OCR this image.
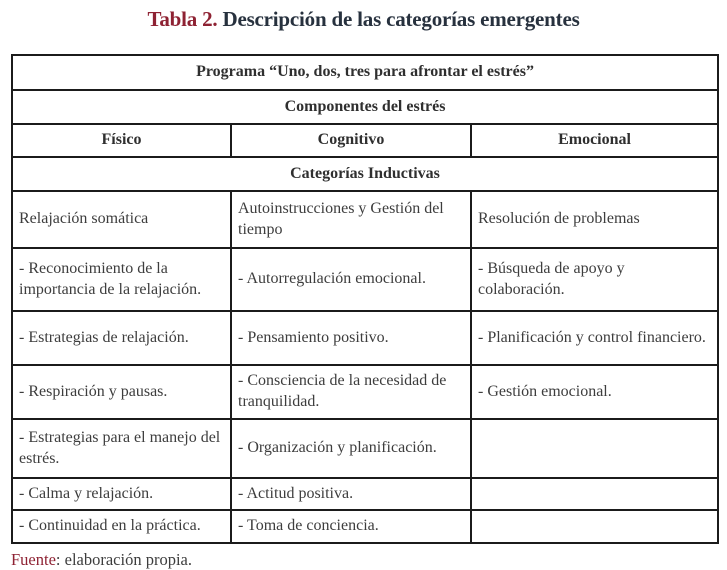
Tabla 2. Descripción de las categorías emergentes
Programa “Uno, dos, tres para afrontar el estrés”		
Componentes del estrés		
Físico	Cognitivo	Emocional
Categorías Inductivas		
Relajación somática	Autoinstrucciones y Gestión del tiempo	Resolución de problemas
- Reconocimiento de la importancia de la relajación.	- Autorregulación emocional.	- Búsqueda de apoyo y colaboración.
- Estrategias de relajación.	- Pensamiento positivo.	- Planificación y control financiero.
- Respiración y pausas.	- Consciencia de la necesidad de tranquilidad.	- Gestión emocional.
- Estrategias para el manejo del estrés.	- Organización y planificación.	
- Calma y relajación.	- Actitud positiva.	
- Continuidad en la práctica.	- Toma de conciencia.	
Fuente: elaboración propia.
